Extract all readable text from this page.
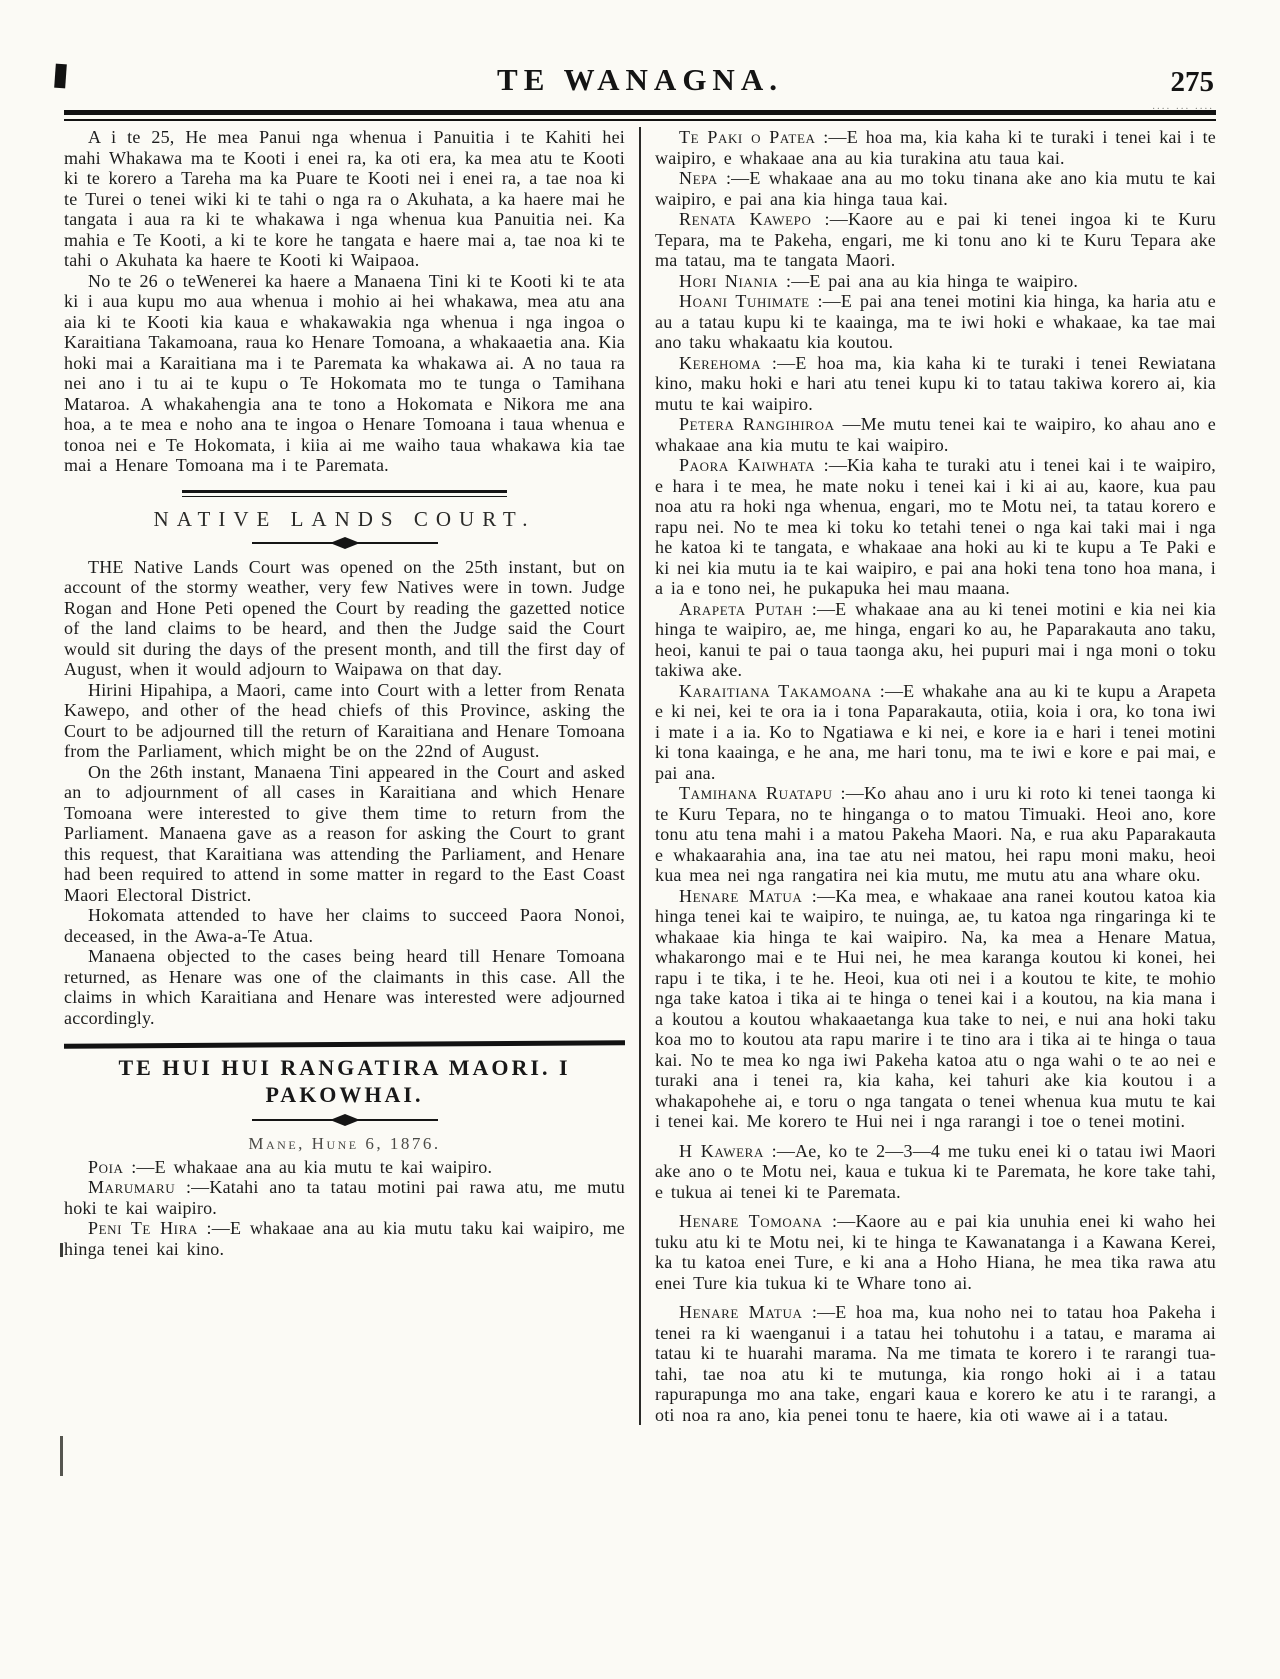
TE WANAGNA.	275
.... ... ....

A i te 25, He mea Panui nga whenua i Panuitia i te Kahiti hei mahi Whakawa ma te Kooti i enei ra, ka oti era, ka mea atu te Kooti ki te korero a Tareha ma ka Puare te Kooti nei i enei ra, a tae noa ki te Turei o tenei wiki ki te tahi o nga ra o Akuhata, a ka haere mai he tangata i aua ra ki te whakawa i nga whenua kua Panuitia nei. Ka mahia e Te Kooti, a ki te kore he tangata e haere mai a, tae noa ki te tahi o Akuhata ka haere te Kooti ki Waipaoa.

No te 26 o teWenerei ka haere a Manaena Tini ki te Kooti ki te ata ki i aua kupu mo aua whenua i mohio ai hei whakawa, mea atu ana aia ki te Kooti kia kaua e whakawakia nga whenua i nga ingoa o Karaitiana Takamoana, raua ko Henare Tomoana, a whakaaetia ana. Kia hoki mai a Karaitiana ma i te Paremata ka whakawa ai. A no taua ra nei ano i tu ai te kupu o Te Hokomata mo te tunga o Tamihana Mataroa. A whakahengia ana te tono a Hokomata e Nikora me ana hoa, a te mea e noho ana te ingoa o Henare Tomoana i taua whenua e tonoa nei e Te Hokomata, i kiia ai me waiho taua whakawa kia tae mai a Henare Tomoana ma i te Paremata.

NATIVE LANDS COURT.

THE Native Lands Court was opened on the 25th instant, but on account of the stormy weather, very few Natives were in town. Judge Rogan and Hone Peti opened the Court by reading the gazetted notice of the land claims to be heard, and then the Judge said the Court would sit during the days of the present month, and till the first day of August, when it would adjourn to Waipawa on that day.

Hirini Hipahipa, a Maori, came into Court with a letter from Renata Kawepo, and other of the head chiefs of this Province, asking the Court to be adjourned till the return of Karaitiana and Henare Tomoana from the Parliament, which might be on the 22nd of August.

On the 26th instant, Manaena Tini appeared in the Court and asked an to adjournment of all cases in Karaitiana and which Henare Tomoana were interested to give them time to return from the Parliament. Manaena gave as a reason for asking the Court to grant this request, that Karaitiana was attending the Parliament, and Henare had been required to attend in some matter in regard to the East Coast Maori Electoral District.

Hokomata attended to have her claims to succeed Paora Nonoi, deceased, in the Awa-a-Te Atua.

Manaena objected to the cases being heard till Henare Tomoana returned, as Henare was one of the claimants in this case. All the claims in which Karaitiana and Henare was interested were adjourned accordingly.

TE HUI HUI RANGATIRA MAORI. I
PAKOWHAI.
Mane, Hune 6, 1876.

Poia :—E whakaae ana au kia mutu te kai waipiro.

Marumaru :—Katahi ano ta tatau motini pai rawa atu, me mutu hoki te kai waipiro.

Peni Te Hira :—E whakaae ana au kia mutu taku kai waipiro, me hinga tenei kai kino.

Te Paki o Patea :—E hoa ma, kia kaha ki te turaki i tenei kai i te waipiro, e whakaae ana au kia turakina atu taua kai.

Nepa :—E whakaae ana au mo toku tinana ake ano kia mutu te kai waipiro, e pai ana kia hinga taua kai.

Renata Kawepo :—Kaore au e pai ki tenei ingoa ki te Kuru Tepara, ma te Pakeha, engari, me ki tonu ano ki te Kuru Tepara ake ma tatau, ma te tangata Maori.

Hori Niania :—E pai ana au kia hinga te waipiro.

Hoani Tuhimate :—E pai ana tenei motini kia hinga, ka haria atu e au a tatau kupu ki te kaainga, ma te iwi hoki e whakaae, ka tae mai ano taku whakaatu kia koutou.

Kerehoma :—E hoa ma, kia kaha ki te turaki i tenei Rewiatana kino, maku hoki e hari atu tenei kupu ki to tatau takiwa korero ai, kia mutu te kai waipiro.

Petera Rangihiroa —Me mutu tenei kai te waipiro, ko ahau ano e whakaae ana kia mutu te kai waipiro.

Paora Kaiwhata :—Kia kaha te turaki atu i tenei kai i te waipiro, e hara i te mea, he mate noku i tenei kai i ki ai au, kaore, kua pau noa atu ra hoki nga whenua, engari, mo te Motu nei, ta tatau korero e rapu nei. No te mea ki toku ko tetahi tenei o nga kai taki mai i nga he katoa ki te tangata, e whakaae ana hoki au ki te kupu a Te Paki e ki nei kia mutu ia te kai waipiro, e pai ana hoki tena tono hoa mana, i a ia e tono nei, he pukapuka hei mau maana.

Arapeta Putah :—E whakaae ana au ki tenei motini e kia nei kia hinga te waipiro, ae, me hinga, engari ko au, he Paparakauta ano taku, heoi, kanui te pai o taua taonga aku, hei pupuri mai i nga moni o toku takiwa ake.

Karaitiana Takamoana :—E whakahe ana au ki te kupu a Arapeta e ki nei, kei te ora ia i tona Paparakauta, otiia, koia i ora, ko tona iwi i mate i a ia. Ko to Ngatiawa e ki nei, e kore ia e hari i tenei motini ki tona kaainga, e he ana, me hari tonu, ma te iwi e kore e pai mai, e pai ana.

Tamihana Ruatapu :—Ko ahau ano i uru ki roto ki tenei taonga ki te Kuru Tepara, no te hinganga o to matou Timuaki. Heoi ano, kore tonu atu tena mahi i a matou Pakeha Maori. Na, e rua aku Paparakauta e whakaarahia ana, ina tae atu nei matou, hei rapu moni maku, heoi kua mea nei nga rangatira nei kia mutu, me mutu atu ana whare oku.

Henare Matua :—Ka mea, e whakaae ana ranei koutou katoa kia hinga tenei kai te waipiro, te nuinga, ae, tu katoa nga ringaringa ki te whakaae kia hinga te kai waipiro. Na, ka mea a Henare Matua, whakarongo mai e te Hui nei, he mea karanga koutou ki konei, hei rapu i te tika, i te he. Heoi, kua oti nei i a koutou te kite, te mohio nga take katoa i tika ai te hinga o tenei kai i a koutou, na kia mana i a koutou a koutou whakaaetanga kua take to nei, e nui ana hoki taku koa mo to koutou ata rapu marire i te tino ara i tika ai te hinga o taua kai. No te mea ko nga iwi Pakeha katoa atu o nga wahi o te ao nei e turaki ana i tenei ra, kia kaha, kei tahuri ake kia koutou i a whakapohehe ai, e toru o nga tangata o tenei whenua kua mutu te kai i tenei kai. Me korero te Hui nei i nga rarangi i toe o tenei motini.

H Kawera :—Ae, ko te 2—3—4 me tuku enei ki o tatau iwi Maori ake ano o te Motu nei, kaua e tukua ki te Paremata, he kore take tahi, e tukua ai tenei ki te Paremata.

Henare Tomoana :—Kaore au e pai kia unuhia enei ki waho hei tuku atu ki te Motu nei, ki te hinga te Kawanatanga i a Kawana Kerei, ka tu katoa enei Ture, e ki ana a Hoho Hiana, he mea tika rawa atu enei Ture kia tukua ki te Whare tono ai.

Henare Matua :—E hoa ma, kua noho nei to tatau hoa Pakeha i tenei ra ki waenganui i a tatau hei tohutohu i a tatau, e marama ai tatau ki te huarahi marama. Na me timata te korero i te rarangi tua-tahi, tae noa atu ki te mutunga, kia rongo hoki ai i a tatau rapurapunga mo ana take, engari kaua e korero ke atu i te rarangi, a oti noa ra ano, kia penei tonu te haere, kia oti wawe ai i a tatau.
